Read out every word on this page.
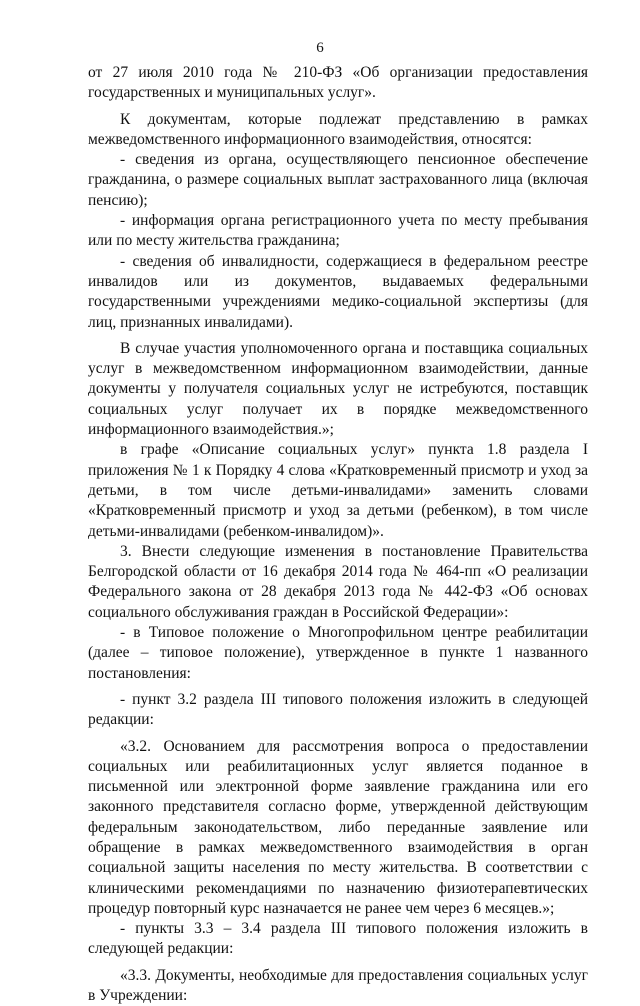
6

от 27 июля 2010 года № 210-ФЗ «Об организации предоставления государственных и муниципальных услуг».

К документам, которые подлежат представлению в рамках межведомственного информационного взаимодействия, относятся:

- сведения из органа, осуществляющего пенсионное обеспечение гражданина, о размере социальных выплат застрахованного лица (включая пенсию);

- информация органа регистрационного учета по месту пребывания или по месту жительства гражданина;

- сведения об инвалидности, содержащиеся в федеральном реестре инвалидов или из документов, выдаваемых федеральными государственными учреждениями медико-социальной экспертизы (для лиц, признанных инвалидами).

В случае участия уполномоченного органа и поставщика социальных услуг в межведомственном информационном взаимодействии, данные документы у получателя социальных услуг не истребуются, поставщик социальных услуг получает их в порядке межведомственного информационного взаимодействия.»;

в графе «Описание социальных услуг» пункта 1.8 раздела I приложения № 1 к Порядку 4 слова «Кратковременный присмотр и уход за детьми, в том числе детьми-инвалидами» заменить словами «Кратковременный присмотр и уход за детьми (ребенком), в том числе детьми-инвалидами (ребенком-инвалидом)».

3. Внести следующие изменения в постановление Правительства Белгородской области от 16 декабря 2014 года № 464-пп «О реализации Федерального закона от 28 декабря 2013 года № 442-ФЗ «Об основах социального обслуживания граждан в Российской Федерации»:

- в Типовое положение о Многопрофильном центре реабилитации (далее – типовое положение), утвержденное в пункте 1 названного постановления:

- пункт 3.2 раздела III типового положения изложить в следующей редакции:

«3.2. Основанием для рассмотрения вопроса о предоставлении социальных или реабилитационных услуг является поданное в письменной или электронной форме заявление гражданина или его законного представителя согласно форме, утвержденной действующим федеральным законодательством, либо переданные заявление или обращение в рамках межведомственного взаимодействия в орган социальной защиты населения по месту жительства. В соответствии с клиническими рекомендациями по назначению физиотерапевтических процедур повторный курс назначается не ранее чем через 6 месяцев.»;

- пункты 3.3 – 3.4 раздела III типового положения изложить в следующей редакции:

«3.3. Документы, необходимые для предоставления социальных услуг в Учреждении:
